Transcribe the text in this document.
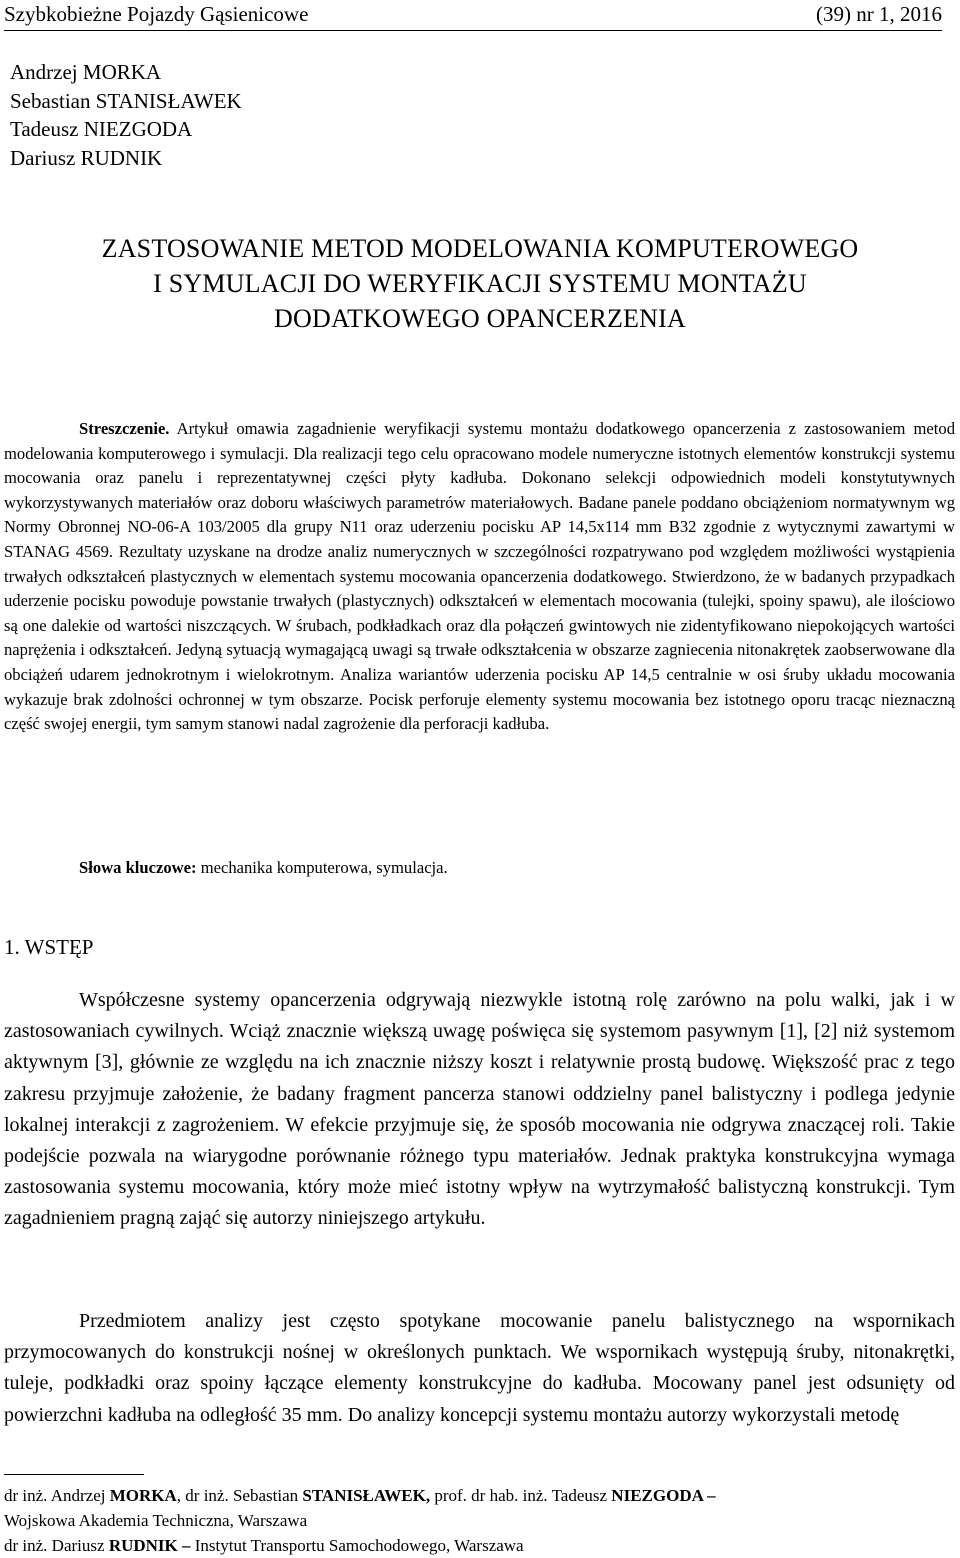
Szybkobieżne Pojazdy Gąsienicowe	(39) nr 1, 2016
Andrzej MORKA
Sebastian STANISŁAWEK
Tadeusz NIEZGODA
Dariusz RUDNIK
ZASTOSOWANIE METOD MODELOWANIA KOMPUTEROWEGO
I SYMULACJI DO WERYFIKACJI SYSTEMU MONTAŻU
DODATKOWEGO OPANCERZENIA
Streszczenie. Artykuł omawia zagadnienie weryfikacji systemu montażu dodatkowego opancerzenia z zastosowaniem metod modelowania komputerowego i symulacji. Dla realizacji tego celu opracowano modele numeryczne istotnych elementów konstrukcji systemu mocowania oraz panelu i reprezentatywnej części płyty kadłuba. Dokonano selekcji odpowiednich modeli konstytutywnych wykorzystywanych materiałów oraz doboru właściwych parametrów materiałowych. Badane panele poddano obciążeniom normatywnym wg Normy Obronnej NO-06-A 103/2005 dla grupy N11 oraz uderzeniu pocisku AP 14,5x114 mm B32 zgodnie z wytycznymi zawartymi w STANAG 4569. Rezultaty uzyskane na drodze analiz numerycznych w szczególności rozpatrywano pod względem możliwości wystąpienia trwałych odkształceń plastycznych w elementach systemu mocowania opancerzenia dodatkowego. Stwierdzono, że w badanych przypadkach uderzenie pocisku powoduje powstanie trwałych (plastycznych) odkształceń w elementach mocowania (tulejki, spoiny spawu), ale ilościowo są one dalekie od wartości niszczących. W śrubach, podkładkach oraz dla połączeń gwintowych nie zidentyfikowano niepokojących wartości naprężenia i odkształceń. Jedyną sytuacją wymagającą uwagi są trwałe odkształcenia w obszarze zagniecenia nitonakrętek zaobserwowane dla obciążeń udarem jednokrotnym i wielokrotnym. Analiza wariantów uderzenia pocisku AP 14,5 centralnie w osi śruby układu mocowania wykazuje brak zdolności ochronnej w tym obszarze. Pocisk perforuje elementy systemu mocowania bez istotnego oporu tracąc nieznaczną część swojej energii, tym samym stanowi nadal zagrożenie dla perforacji kadłuba.
Słowa kluczowe: mechanika komputerowa, symulacja.
1. WSTĘP
Współczesne systemy opancerzenia odgrywają niezwykle istotną rolę zarówno na polu walki, jak i w zastosowaniach cywilnych. Wciąż znacznie większą uwagę poświęca się systemom pasywnym [1], [2] niż systemom aktywnym [3], głównie ze względu na ich znacznie niższy koszt i relatywnie prostą budowę. Większość prac z tego zakresu przyjmuje założenie, że badany fragment pancerza stanowi oddzielny panel balistyczny i podlega jedynie lokalnej interakcji z zagrożeniem. W efekcie przyjmuje się, że sposób mocowania nie odgrywa znaczącej roli. Takie podejście pozwala na wiarygodne porównanie różnego typu materiałów. Jednak praktyka konstrukcyjna wymaga zastosowania systemu mocowania, który może mieć istotny wpływ na wytrzymałość balistyczną konstrukcji. Tym zagadnieniem pragną zająć się autorzy niniejszego artykułu.
Przedmiotem analizy jest często spotykane mocowanie panelu balistycznego na wspornikach przymocowanych do konstrukcji nośnej w określonych punktach. We wspornikach występują śruby, nitonakrętki, tuleje, podkładki oraz spoiny łączące elementy konstrukcyjne do kadłuba. Mocowany panel jest odsunięty od powierzchni kadłuba na odległość 35 mm. Do analizy koncepcji systemu montażu autorzy wykorzystali metodę
dr inż. Andrzej MORKA, dr inż. Sebastian STANISŁAWEK, prof. dr hab. inż. Tadeusz NIEZGODA –
Wojskowa Akademia Techniczna, Warszawa
dr inż. Dariusz RUDNIK – Instytut Transportu Samochodowego, Warszawa
